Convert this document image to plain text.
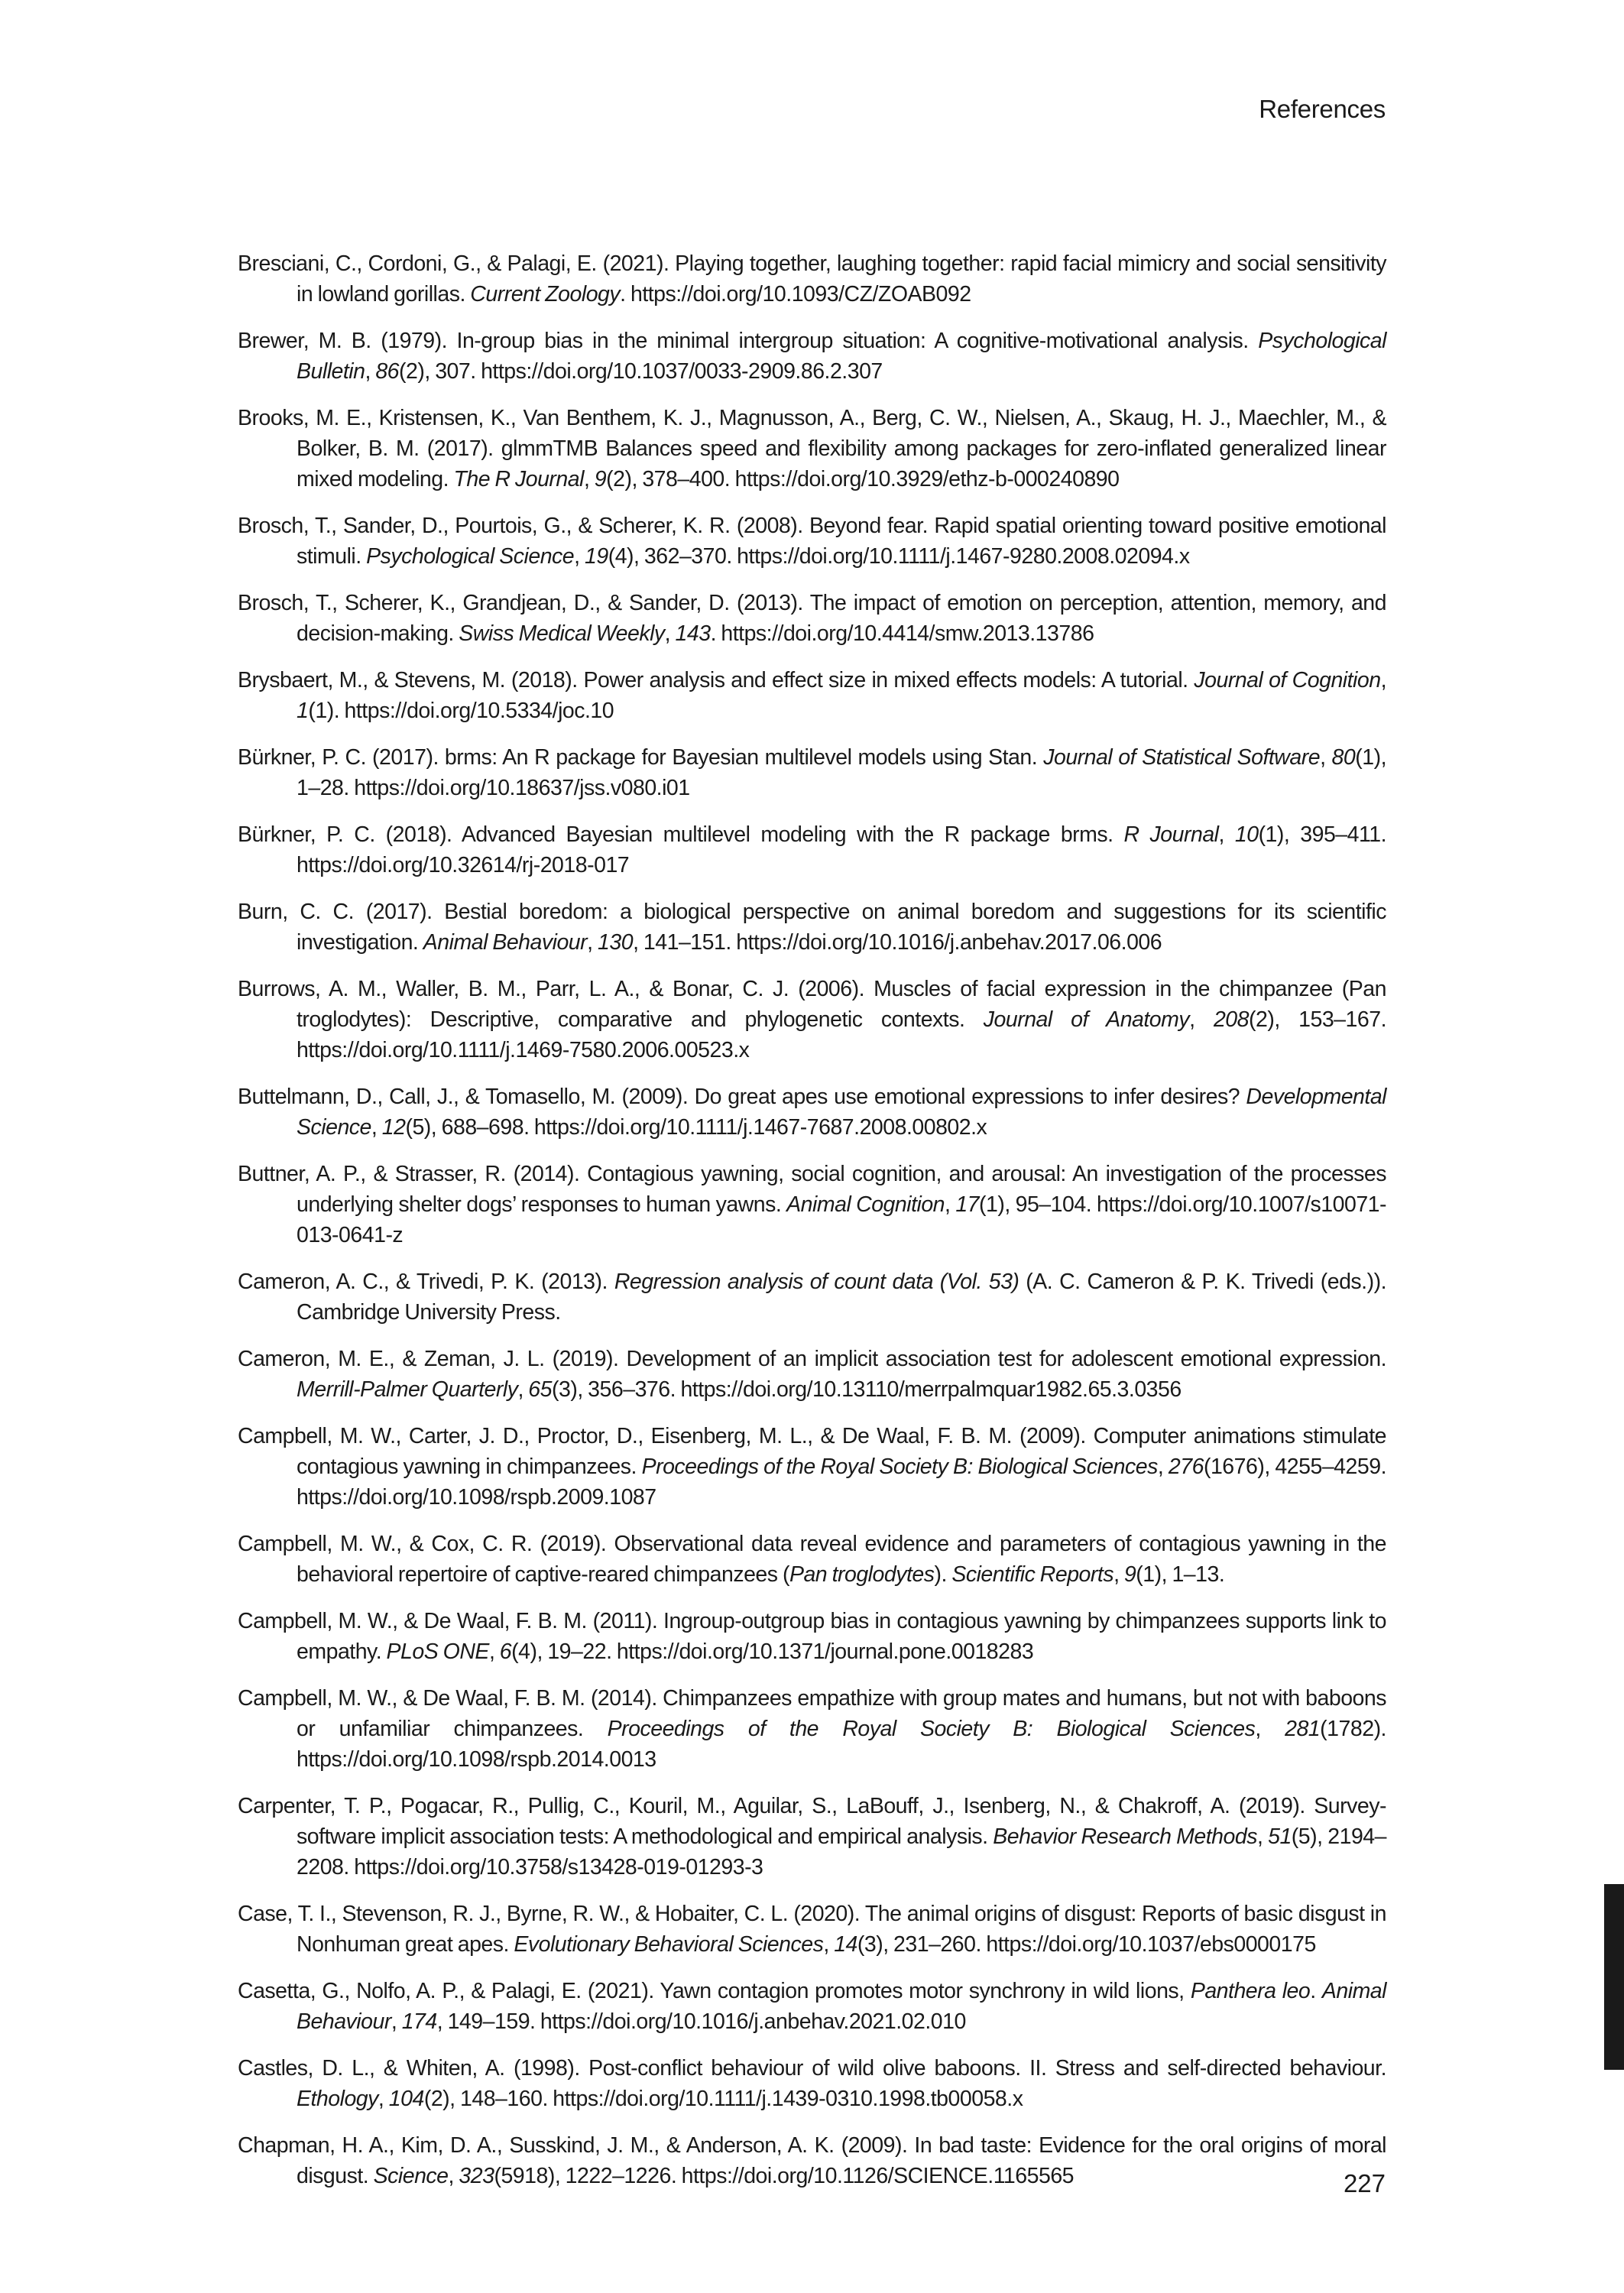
References

Bresciani, C., Cordoni, G., & Palagi, E. (2021). Playing together, laughing together: rapid facial mimicry and social sensitivity in lowland gorillas. Current Zoology. https://doi.org/10.1093/CZ/ZOAB092

Brewer, M. B. (1979). In-group bias in the minimal intergroup situation: A cognitive-motivational analysis. Psychological Bulletin, 86(2), 307. https://doi.org/10.1037/0033-2909.86.2.307

Brooks, M. E., Kristensen, K., Van Benthem, K. J., Magnusson, A., Berg, C. W., Nielsen, A., Skaug, H. J., Maechler, M., & Bolker, B. M. (2017). glmmTMB Balances speed and flexibility among packages for zero-inflated generalized linear mixed modeling. The R Journal, 9(2), 378–400. https://doi.org/10.3929/ethz-b-000240890

Brosch, T., Sander, D., Pourtois, G., & Scherer, K. R. (2008). Beyond fear. Rapid spatial orienting toward positive emotional stimuli. Psychological Science, 19(4), 362–370. https://doi.org/10.1111/j.1467-9280.2008.02094.x

Brosch, T., Scherer, K., Grandjean, D., & Sander, D. (2013). The impact of emotion on perception, attention, memory, and decision-making. Swiss Medical Weekly, 143. https://doi.org/10.4414/smw.2013.13786

Brysbaert, M., & Stevens, M. (2018). Power analysis and effect size in mixed effects models: A tutorial. Journal of Cognition, 1(1). https://doi.org/10.5334/joc.10

Bürkner, P. C. (2017). brms: An R package for Bayesian multilevel models using Stan. Journal of Statistical Software, 80(1), 1–28. https://doi.org/10.18637/jss.v080.i01

Bürkner, P. C. (2018). Advanced Bayesian multilevel modeling with the R package brms. R Journal, 10(1), 395–411. https://doi.org/10.32614/rj-2018-017

Burn, C. C. (2017). Bestial boredom: a biological perspective on animal boredom and suggestions for its scientific investigation. Animal Behaviour, 130, 141–151. https://doi.org/10.1016/j.anbehav.2017.06.006

Burrows, A. M., Waller, B. M., Parr, L. A., & Bonar, C. J. (2006). Muscles of facial expression in the chimpanzee (Pan troglodytes): Descriptive, comparative and phylogenetic contexts. Journal of Anatomy, 208(2), 153–167. https://doi.org/10.1111/j.1469-7580.2006.00523.x

Buttelmann, D., Call, J., & Tomasello, M. (2009). Do great apes use emotional expressions to infer desires? Developmental Science, 12(5), 688–698. https://doi.org/10.1111/j.1467-7687.2008.00802.x

Buttner, A. P., & Strasser, R. (2014). Contagious yawning, social cognition, and arousal: An investigation of the processes underlying shelter dogs’ responses to human yawns. Animal Cognition, 17(1), 95–104. https://doi.org/10.1007/s10071-013-0641-z

Cameron, A. C., & Trivedi, P. K. (2013). Regression analysis of count data (Vol. 53) (A. C. Cameron & P. K. Trivedi (eds.)). Cambridge University Press.

Cameron, M. E., & Zeman, J. L. (2019). Development of an implicit association test for adolescent emotional expression. Merrill-Palmer Quarterly, 65(3), 356–376. https://doi.org/10.13110/merrpalmquar1982.65.3.0356

Campbell, M. W., Carter, J. D., Proctor, D., Eisenberg, M. L., & De Waal, F. B. M. (2009). Computer animations stimulate contagious yawning in chimpanzees. Proceedings of the Royal Society B: Biological Sciences, 276(1676), 4255–4259. https://doi.org/10.1098/rspb.2009.1087

Campbell, M. W., & Cox, C. R. (2019). Observational data reveal evidence and parameters of contagious yawning in the behavioral repertoire of captive-reared chimpanzees (Pan troglodytes). Scientific Reports, 9(1), 1–13.

Campbell, M. W., & De Waal, F. B. M. (2011). Ingroup-outgroup bias in contagious yawning by chimpanzees supports link to empathy. PLoS ONE, 6(4), 19–22. https://doi.org/10.1371/journal.pone.0018283

Campbell, M. W., & De Waal, F. B. M. (2014). Chimpanzees empathize with group mates and humans, but not with baboons or unfamiliar chimpanzees. Proceedings of the Royal Society B: Biological Sciences, 281(1782). https://doi.org/10.1098/rspb.2014.0013

Carpenter, T. P., Pogacar, R., Pullig, C., Kouril, M., Aguilar, S., LaBouff, J., Isenberg, N., & Chakroff, A. (2019). Survey-software implicit association tests: A methodological and empirical analysis. Behavior Research Methods, 51(5), 2194–2208. https://doi.org/10.3758/s13428-019-01293-3

Case, T. I., Stevenson, R. J., Byrne, R. W., & Hobaiter, C. L. (2020). The animal origins of disgust: Reports of basic disgust in Nonhuman great apes. Evolutionary Behavioral Sciences, 14(3), 231–260. https://doi.org/10.1037/ebs0000175

Casetta, G., Nolfo, A. P., & Palagi, E. (2021). Yawn contagion promotes motor synchrony in wild lions, Panthera leo. Animal Behaviour, 174, 149–159. https://doi.org/10.1016/j.anbehav.2021.02.010

Castles, D. L., & Whiten, A. (1998). Post-conflict behaviour of wild olive baboons. II. Stress and self-directed behaviour. Ethology, 104(2), 148–160. https://doi.org/10.1111/j.1439-0310.1998.tb00058.x

Chapman, H. A., Kim, D. A., Susskind, J. M., & Anderson, A. K. (2009). In bad taste: Evidence for the oral origins of moral disgust. Science, 323(5918), 1222–1226. https://doi.org/10.1126/SCIENCE.1165565	227
